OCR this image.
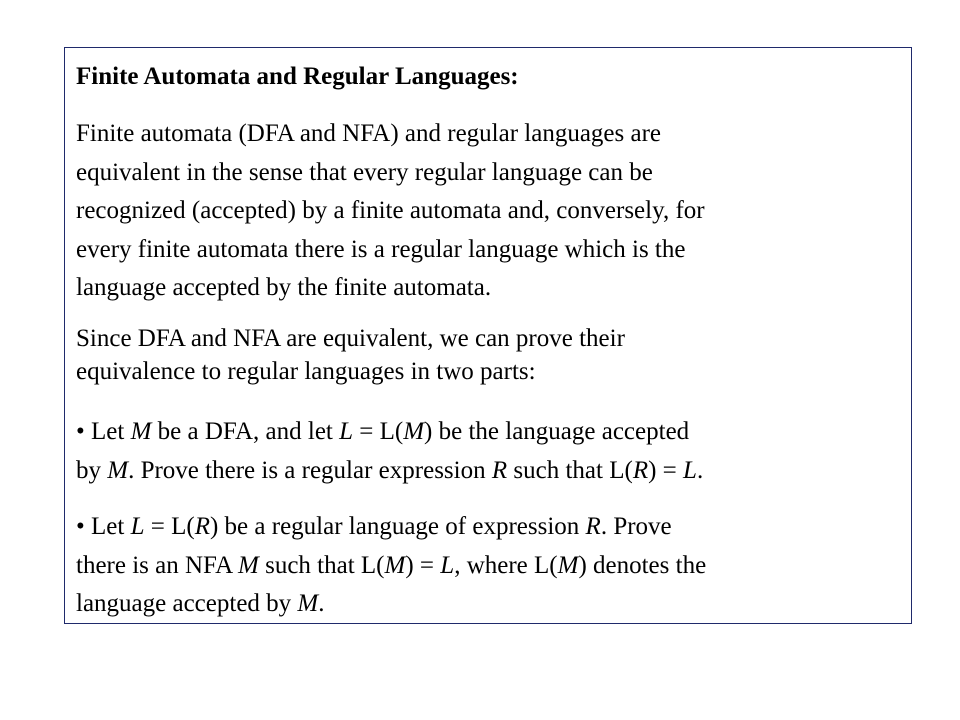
Finite Automata and Regular Languages:
Finite automata (DFA and NFA) and regular languages are
equivalent in the sense that every regular language can be
recognized (accepted) by a finite automata and, conversely, for
every finite automata there is a regular language which is the
language accepted by the finite automata.
Since DFA and NFA are equivalent, we can prove their
equivalence to regular languages in two parts:
• Let M be a DFA, and let L = L(M) be the language accepted
by M. Prove there is a regular expression R such that L(R) = L.
• Let L = L(R) be a regular language of expression R. Prove
there is an NFA M such that L(M) = L, where L(M) denotes the
language accepted by M.
